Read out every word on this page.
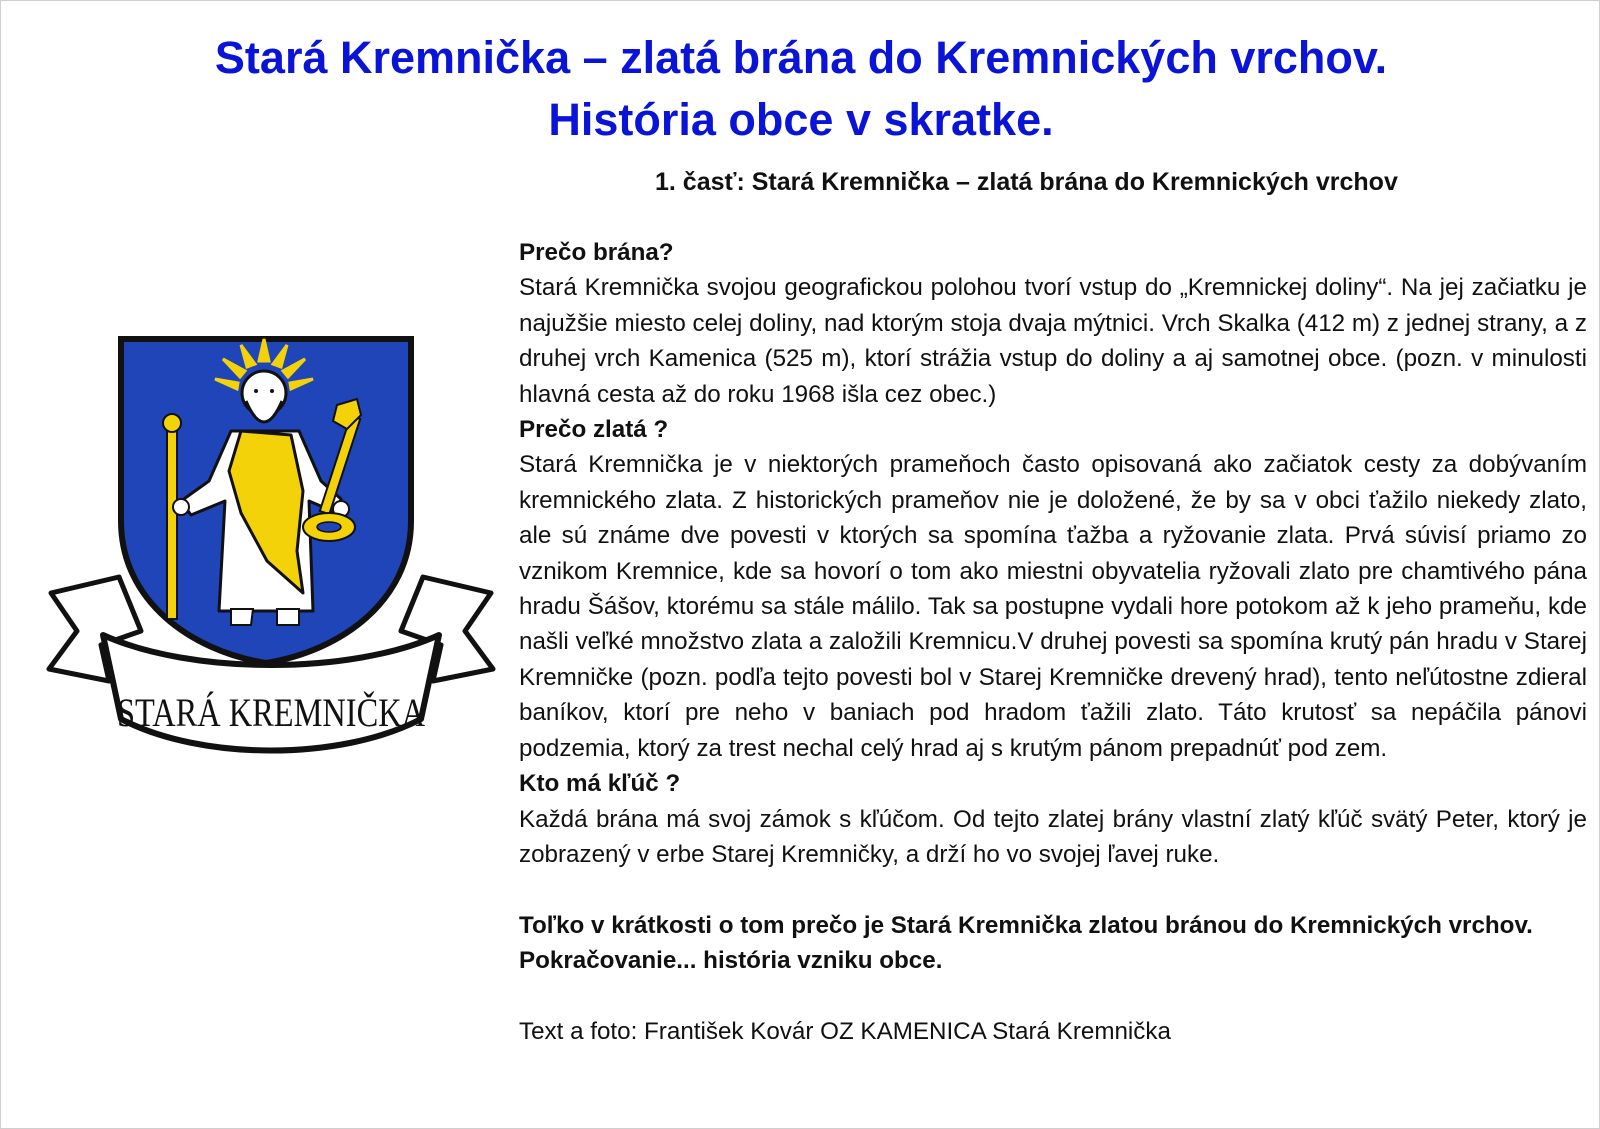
Stará Kremnička – zlatá brána do Kremnických vrchov.
História obce v skratke.
1. časť: Stará Kremnička – zlatá brána do Kremnických vrchov
STARÁ KREMNIČKA
Prečo brána?

Stará Kremnička svojou geografickou polohou tvorí vstup do „Kremnickej doliny“. Na jej začiatku je najužšie miesto celej doliny, nad ktorým stoja dvaja mýtnici. Vrch Skalka (412 m) z jednej strany, a z druhej vrch Kamenica (525 m), ktorí strážia vstup do doliny a aj samotnej obce. (pozn. v minulosti hlavná cesta až do roku 1968 išla cez obec.)

Prečo zlatá ?

Stará Kremnička je v niektorých prameňoch často opisovaná ako začiatok cesty za dobývaním kremnického zlata. Z historických prameňov nie je doložené, že by sa v obci ťažilo niekedy zlato, ale sú známe dve povesti v ktorých sa spomína ťažba a ryžovanie zlata. Prvá súvisí priamo zo vznikom Kremnice, kde sa hovorí o tom ako miestni obyvatelia ryžovali zlato pre chamtivého pána hradu Šášov, ktorému sa stále málilo. Tak sa postupne vydali hore potokom až k jeho prameňu, kde našli veľké množstvo zlata a založili Kremnicu.V druhej povesti sa spomína krutý pán hradu v Starej Kremničke (pozn. podľa tejto povesti bol v Starej Kremničke drevený hrad), tento neľútostne zdieral baníkov, ktorí pre neho v baniach pod hradom ťažili zlato. Táto krutosť sa nepáčila pánovi podzemia, ktorý za trest nechal celý hrad aj s krutým pánom prepadnúť pod zem.

Kto má kľúč ?

Každá brána má svoj zámok s kľúčom. Od tejto zlatej brány vlastní zlatý kľúč svätý Peter, ktorý je zobrazený v erbe Starej Kremničky, a drží ho vo svojej ľavej ruke.

Toľko v krátkosti o tom prečo je Stará Kremnička zlatou bránou do Kremnických vrchov.

Pokračovanie... história vzniku obce.

Text a foto: František Kovár OZ KAMENICA Stará Kremnička
